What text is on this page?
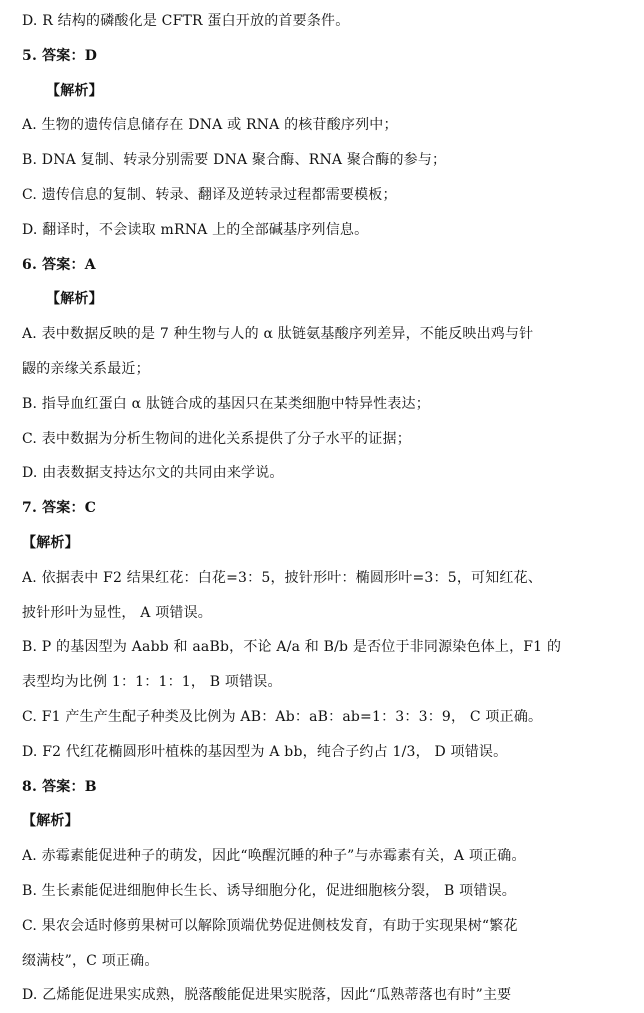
D. R 结构的磷酸化是 CFTR 蛋白开放的首要条件。
5. 答案：D
【解析】
A. 生物的遗传信息储存在 DNA 或 RNA 的核苷酸序列中；
B. DNA 复制、转录分别需要 DNA 聚合酶、RNA 聚合酶的参与；
C. 遗传信息的复制、转录、翻译及逆转录过程都需要模板；
D. 翻译时，不会读取 mRNA 上的全部碱基序列信息。
6. 答案：A
【解析】
A. 表中数据反映的是 7 种生物与人的 α 肽链氨基酸序列差异，不能反映出鸡与针
鼹的亲缘关系最近；
B. 指导血红蛋白 α 肽链合成的基因只在某类细胞中特异性表达；
C. 表中数据为分析生物间的进化关系提供了分子水平的证据；
D. 由表数据支持达尔文的共同由来学说。
7. 答案：C
【解析】
A. 依据表中 F2 结果红花：白花=3：5，披针形叶：椭圆形叶=3：5，可知红花、
披针形叶为显性， A 项错误。
B. P 的基因型为 Aabb 和 aaBb，不论 A/a 和 B/b 是否位于非同源染色体上，F1 的
表型均为比例 1：1：1：1， B 项错误。
C. F1 产生产生配子种类及比例为 AB：Ab：aB：ab=1：3：3：9， C 项正确。
D. F2 代红花椭圆形叶植株的基因型为 A bb，纯合子约占 1/3， D 项错误。
8. 答案：B
【解析】
A. 赤霉素能促进种子的萌发，因此“唤醒沉睡的种子”与赤霉素有关，A 项正确。
B. 生长素能促进细胞伸长生长、诱导细胞分化，促进细胞核分裂， B 项错误。
C. 果农会适时修剪果树可以解除顶端优势促进侧枝发育，有助于实现果树“繁花
缀满枝”，C 项正确。
D. 乙烯能促进果实成熟，脱落酸能促进果实脱落，因此“瓜熟蒂落也有时”主要
